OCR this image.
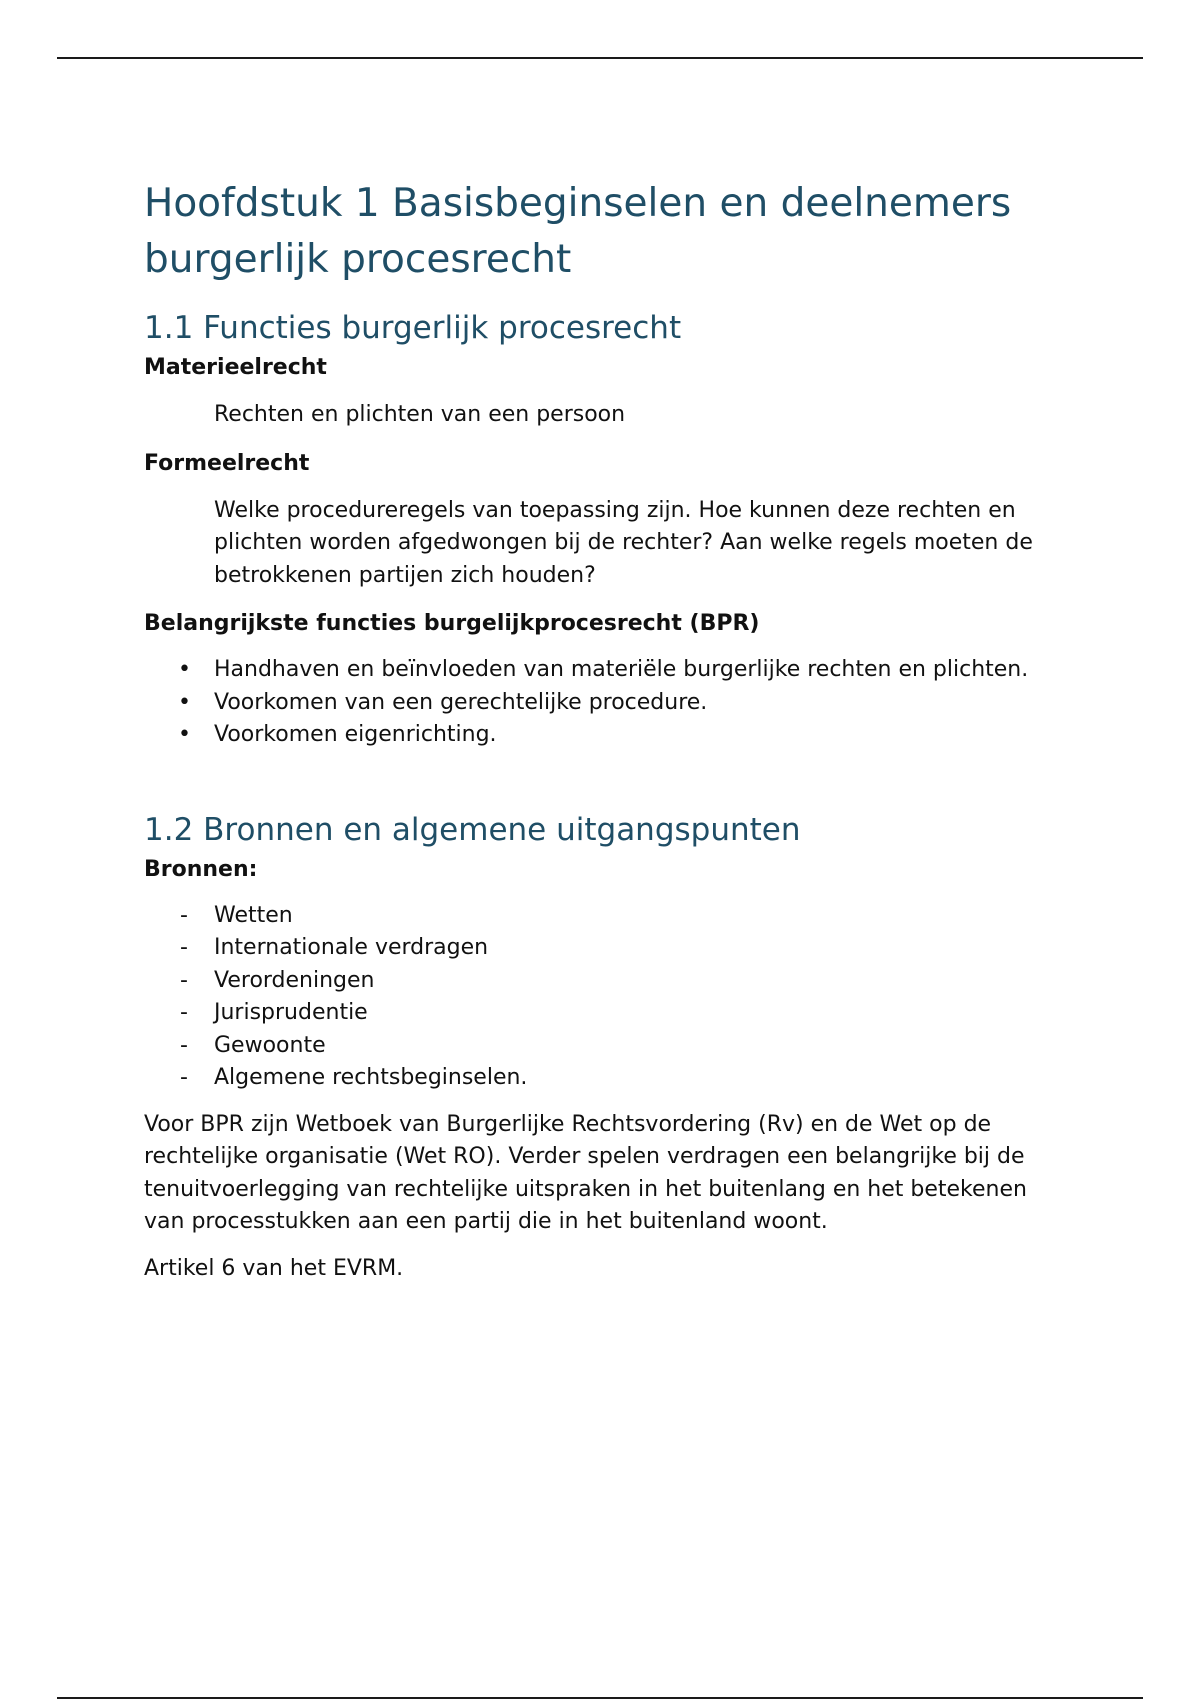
Hoofdstuk 1 Basisbeginselen en deelnemers burgerlijk procesrecht
1.1 Functies burgerlijk procesrecht

Materieelrecht

Rechten en plichten van een persoon

Formeelrecht

Welke procedureregels van toepassing zijn. Hoe kunnen deze rechten en plichten worden afgedwongen bij de rechter? Aan welke regels moeten de betrokkenen partijen zich houden?

Belangrijkste functies burgelijkprocesrecht (BPR)

• Handhaven en beïnvloeden van materiële burgerlijke rechten en plichten.
• Voorkomen van een gerechtelijke procedure.
• Voorkomen eigenrichting.
1.2 Bronnen en algemene uitgangspunten

Bronnen:

- Wetten
- Internationale verdragen
- Verordeningen
- Jurisprudentie
- Gewoonte
- Algemene rechtsbeginselen.

Voor BPR zijn Wetboek van Burgerlijke Rechtsvordering (Rv) en de Wet op de rechtelijke organisatie (Wet RO). Verder spelen verdragen een belangrijke bij de tenuitvoerlegging van rechtelijke uitspraken in het buitenlang en het betekenen van processtukken aan een partij die in het buitenland woont.

Artikel 6 van het EVRM.
